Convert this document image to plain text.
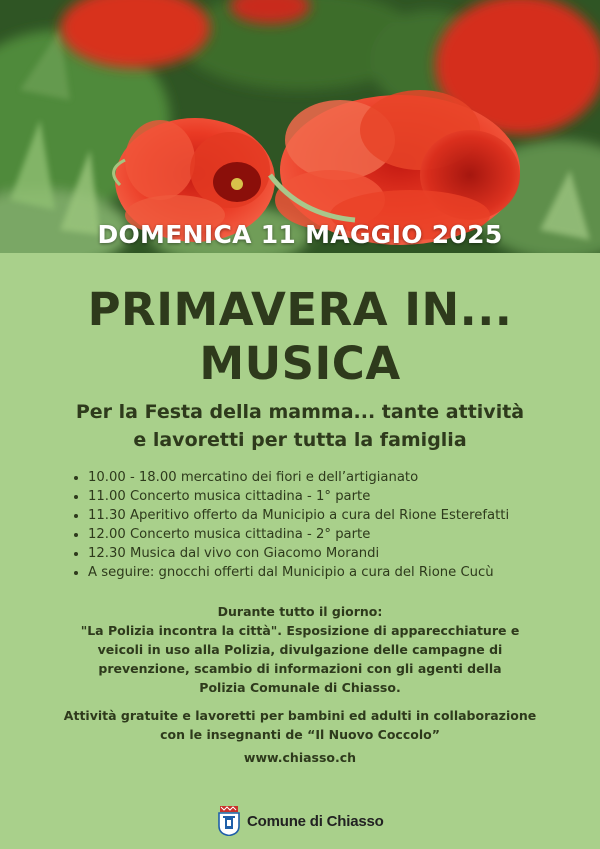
DOMENICA 11 MAGGIO 2025
PRIMAVERA IN...
MUSICA
Per la Festa della mamma... tante attività
e lavoretti per tutta la famiglia
• 10.00 - 18.00 mercatino dei fiori e dell’artigianato
• 11.00 Concerto musica cittadina - 1° parte
• 11.30 Aperitivo offerto da Municipio a cura del Rione Esterefatti
• 12.00 Concerto musica cittadina - 2° parte
• 12.30 Musica dal vivo con Giacomo Morandi
• A seguire: gnocchi offerti dal Municipio a cura del Rione Cucù
Durante tutto il giorno:
"La Polizia incontra la città". Esposizione di apparecchiature e
veicoli in uso alla Polizia, divulgazione delle campagne di
prevenzione, scambio di informazioni con gli agenti della
Polizia Comunale di Chiasso.
Attività gratuite e lavoretti per bambini ed adulti in collaborazione
con le insegnanti de “Il Nuovo Coccolo”
www.chiasso.ch
Comune di Chiasso
